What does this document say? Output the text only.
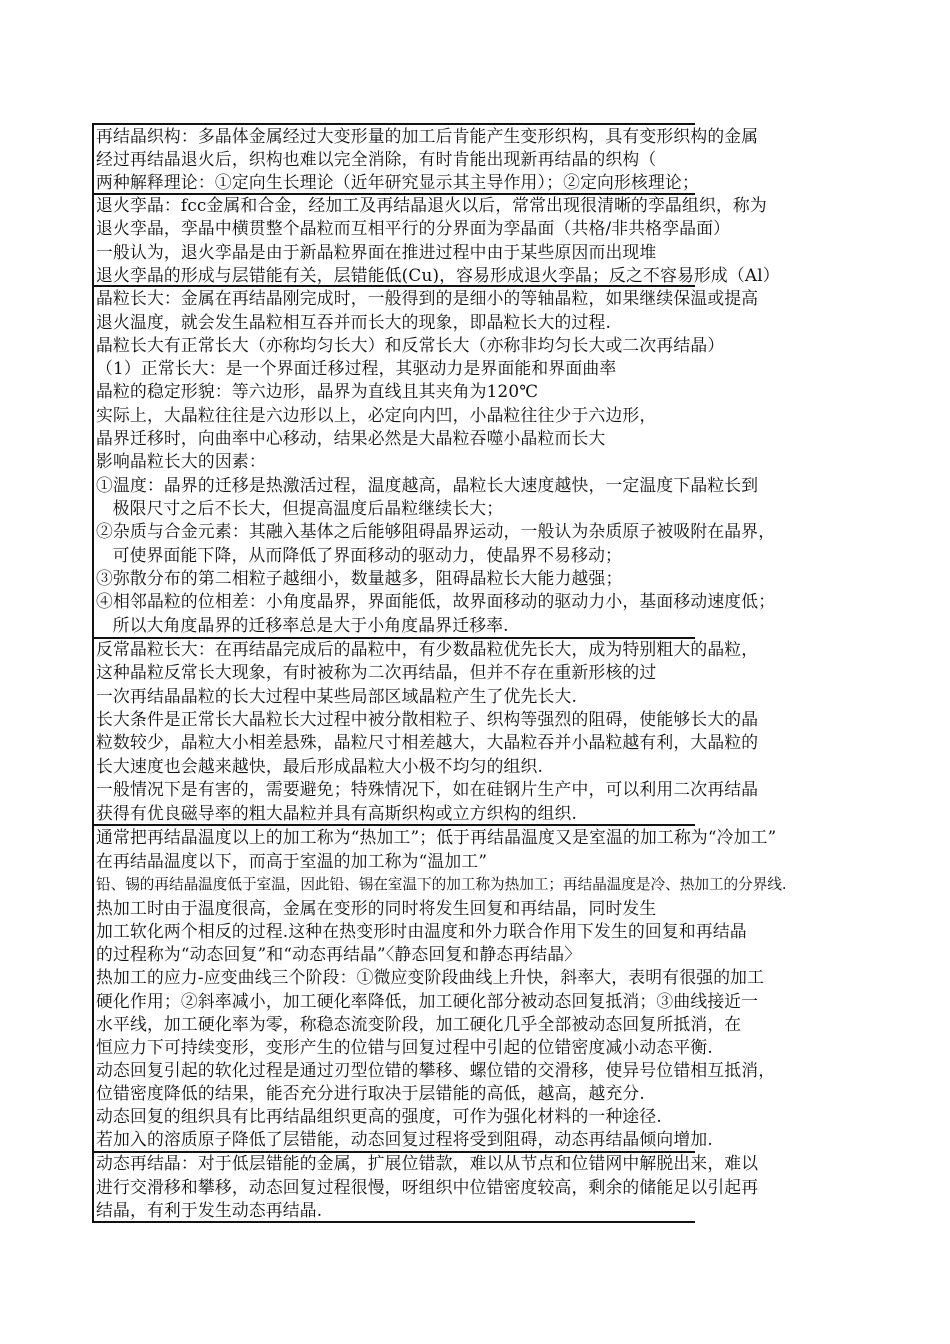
再结晶织构：多晶体金属经过大变形量的加工后肯能产生变形织构，具有变形织构的金属
经过再结晶退火后，织构也难以完全消除，有时肯能出现新再结晶的织构（
两种解释理论：①定向生长理论（近年研究显示其主导作用）；②定向形核理论；
退火孪晶：fcc金属和合金，经加工及再结晶退火以后，常常出现很清晰的孪晶组织，称为
退火孪晶，孪晶中横贯整个晶粒而互相平行的分界面为孪晶面（共格/非共格孪晶面）
一般认为，退火孪晶是由于新晶粒界面在推进过程中由于某些原因而出现堆
退火孪晶的形成与层错能有关，层错能低(Cu)，容易形成退火孪晶；反之不容易形成（Al）
晶粒长大：金属在再结晶刚完成时，一般得到的是细小的等轴晶粒，如果继续保温或提高
退火温度，就会发生晶粒相互吞并而长大的现象，即晶粒长大的过程.
晶粒长大有正常长大（亦称均匀长大）和反常长大（亦称非均匀长大或二次再结晶）
（1）正常长大：是一个界面迁移过程，其驱动力是界面能和界面曲率
晶粒的稳定形貌：等六边形，晶界为直线且其夹角为120℃
实际上，大晶粒往往是六边形以上，必定向内凹，小晶粒往往少于六边形，
晶界迁移时，向曲率中心移动，结果必然是大晶粒吞噬小晶粒而长大
影响晶粒长大的因素：
①温度：晶界的迁移是热激活过程，温度越高，晶粒长大速度越快，一定温度下晶粒长到
极限尺寸之后不长大，但提高温度后晶粒继续长大；
②杂质与合金元素：其融入基体之后能够阻碍晶界运动，一般认为杂质原子被吸附在晶界，
可使界面能下降，从而降低了界面移动的驱动力，使晶界不易移动；
③弥散分布的第二相粒子越细小，数量越多，阻碍晶粒长大能力越强；
④相邻晶粒的位相差：小角度晶界，界面能低，故界面移动的驱动力小，基面移动速度低；
所以大角度晶界的迁移率总是大于小角度晶界迁移率.
反常晶粒长大：在再结晶完成后的晶粒中，有少数晶粒优先长大，成为特别粗大的晶粒，
这种晶粒反常长大现象，有时被称为二次再结晶，但并不存在重新形核的过
一次再结晶晶粒的长大过程中某些局部区域晶粒产生了优先长大.
长大条件是正常长大晶粒长大过程中被分散相粒子、织构等强烈的阻碍，使能够长大的晶
粒数较少，晶粒大小相差悬殊，晶粒尺寸相差越大，大晶粒吞并小晶粒越有利，大晶粒的
长大速度也会越来越快，最后形成晶粒大小极不均匀的组织.
一般情况下是有害的，需要避免；特殊情况下，如在硅钢片生产中，可以利用二次再结晶
获得有优良磁导率的粗大晶粒并具有高斯织构或立方织构的组织.
通常把再结晶温度以上的加工称为“热加工”；低于再结晶温度又是室温的加工称为“冷加工”
在再结晶温度以下，而高于室温的加工称为“温加工”
铅、锡的再结晶温度低于室温，因此铅、锡在室温下的加工称为热加工；再结晶温度是冷、热加工的分界线.
热加工时由于温度很高，金属在变形的同时将发生回复和再结晶，同时发生
加工软化两个相反的过程.这种在热变形时由温度和外力联合作用下发生的回复和再结晶
的过程称为“动态回复”和“动态再结晶”〈静态回复和静态再结晶〉
热加工的应力-应变曲线三个阶段：①微应变阶段曲线上升快，斜率大，表明有很强的加工
硬化作用；②斜率减小，加工硬化率降低，加工硬化部分被动态回复抵消；③曲线接近一
水平线，加工硬化率为零，称稳态流变阶段，加工硬化几乎全部被动态回复所抵消，在
恒应力下可持续变形，变形产生的位错与回复过程中引起的位错密度减小动态平衡.
动态回复引起的软化过程是通过刃型位错的攀移、螺位错的交滑移，使异号位错相互抵消，
位错密度降低的结果，能否充分进行取决于层错能的高低，越高，越充分.
动态回复的组织具有比再结晶组织更高的强度，可作为强化材料的一种途径.
若加入的溶质原子降低了层错能，动态回复过程将受到阻碍，动态再结晶倾向增加.
动态再结晶：对于低层错能的金属，扩展位错款，难以从节点和位错网中解脱出来，难以
进行交滑移和攀移，动态回复过程很慢，呀组织中位错密度较高，剩余的储能足以引起再
结晶，有利于发生动态再结晶.
